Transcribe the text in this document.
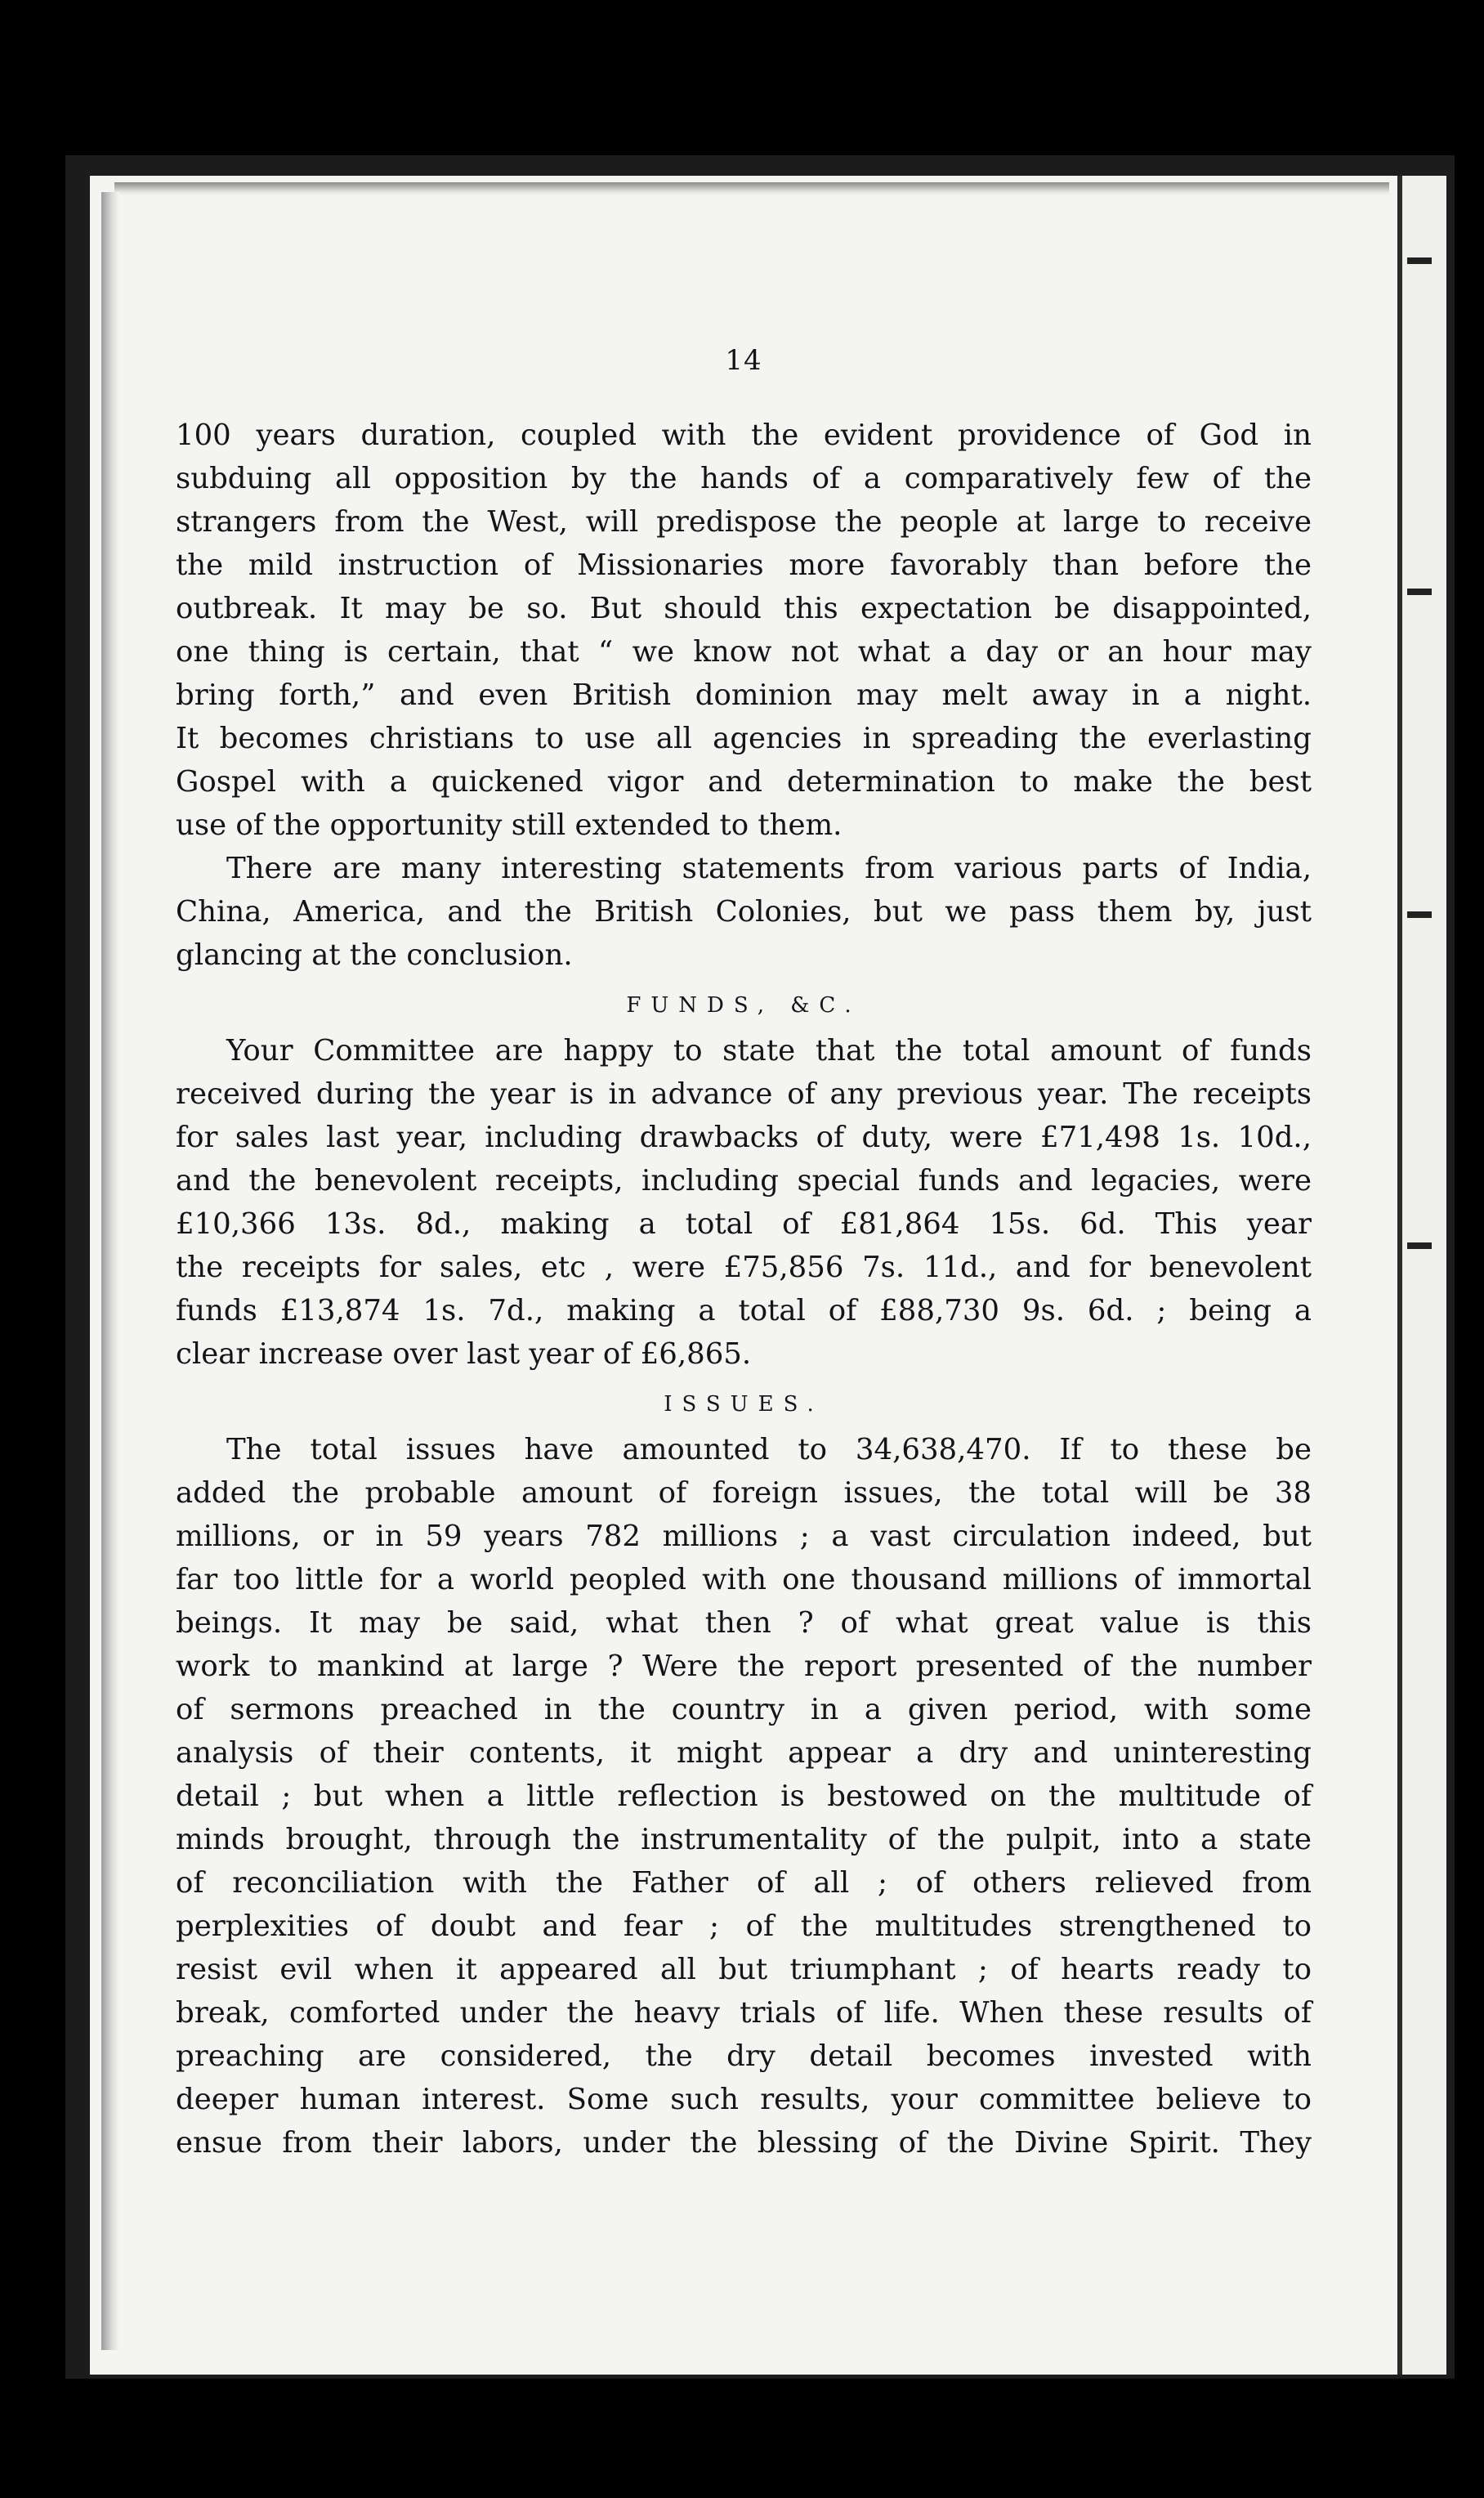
14

100 years duration, coupled with the evident providence of God in
subduing all opposition by the hands of a comparatively few of the
strangers from the West, will predispose the people at large to receive
the mild instruction of Missionaries more favorably than before the
outbreak. It may be so. But should this expectation be disappointed,
one thing is certain, that “ we know not what a day or an hour may
bring forth,” and even British dominion may melt away in a night.
It becomes christians to use all agencies in spreading the everlasting
Gospel with a quickened vigor and determination to make the best
use of the opportunity still extended to them.

There are many interesting statements from various parts of India,
China, America, and the British Colonies, but we pass them by, just
glancing at the conclusion.

FUNDS, &C.

Your Committee are happy to state that the total amount of funds
received during the year is in advance of any previous year. The receipts
for sales last year, including drawbacks of duty, were £71,498 1s. 10d.,
and the benevolent receipts, including special funds and legacies, were
£10,366 13s. 8d., making a total of £81,864 15s. 6d. This year
the receipts for sales, etc , were £75,856 7s. 11d., and for benevolent
funds £13,874 1s. 7d., making a total of £88,730 9s. 6d. ; being a
clear increase over last year of £6,865.

ISSUES.

The total issues have amounted to 34,638,470. If to these be
added the probable amount of foreign issues, the total will be 38
millions, or in 59 years 782 millions ; a vast circulation indeed, but
far too little for a world peopled with one thousand millions of immortal
beings. It may be said, what then ? of what great value is this
work to mankind at large ? Were the report presented of the number
of sermons preached in the country in a given period, with some
analysis of their contents, it might appear a dry and uninteresting
detail ; but when a little reflection is bestowed on the multitude of
minds brought, through the instrumentality of the pulpit, into a state
of reconciliation with the Father of all ; of others relieved from
perplexities of doubt and fear ; of the multitudes strengthened to
resist evil when it appeared all but triumphant ; of hearts ready to
break, comforted under the heavy trials of life. When these results of
preaching are considered, the dry detail becomes invested with
deeper human interest. Some such results, your committee believe to
ensue from their labors, under the blessing of the Divine Spirit. They
